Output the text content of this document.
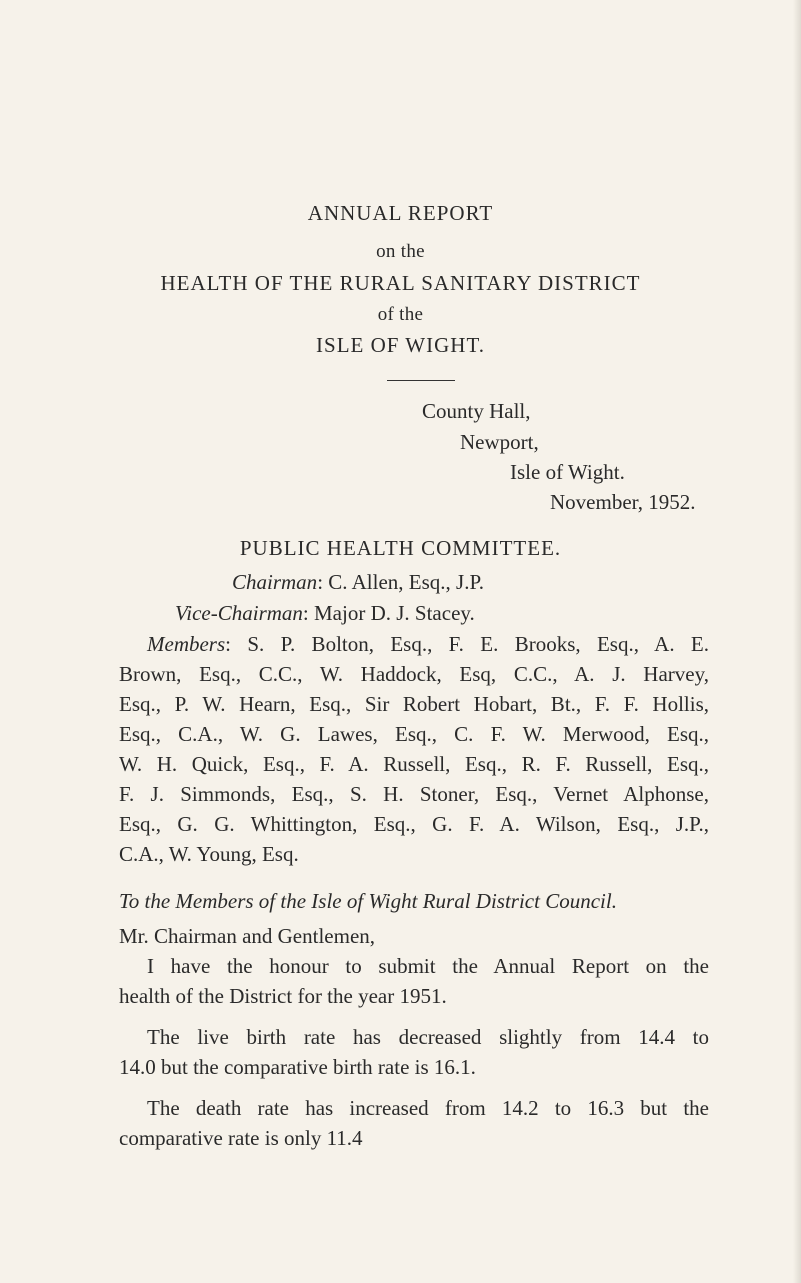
ANNUAL REPORT

on the

HEALTH OF THE RURAL SANITARY DISTRICT

of the

ISLE OF WIGHT.

County Hall,

Newport,

Isle of Wight.

November, 1952.

PUBLIC HEALTH COMMITTEE.

Chairman: C. Allen, Esq., J.P.

Vice-Chairman: Major D. J. Stacey.

Members: S. P. Bolton, Esq., F. E. Brooks, Esq., A. E.

Brown, Esq., C.C., W. Haddock, Esq, C.C., A. J. Harvey,

Esq., P. W. Hearn, Esq., Sir Robert Hobart, Bt., F. F. Hollis,

Esq., C.A., W. G. Lawes, Esq., C. F. W. Merwood, Esq.,

W. H. Quick, Esq., F. A. Russell, Esq., R. F. Russell, Esq.,

F. J. Simmonds, Esq., S. H. Stoner, Esq., Vernet Alphonse,

Esq., G. G. Whittington, Esq., G. F. A. Wilson, Esq., J.P.,

C.A., W. Young, Esq.

To the Members of the Isle of Wight Rural District Council.

Mr. Chairman and Gentlemen,

I have the honour to submit the Annual Report on the

health of the District for the year 1951.

The live birth rate has decreased slightly from 14.4 to

14.0 but the comparative birth rate is 16.1.

The death rate has increased from 14.2 to 16.3 but the

comparative rate is only 11.4
